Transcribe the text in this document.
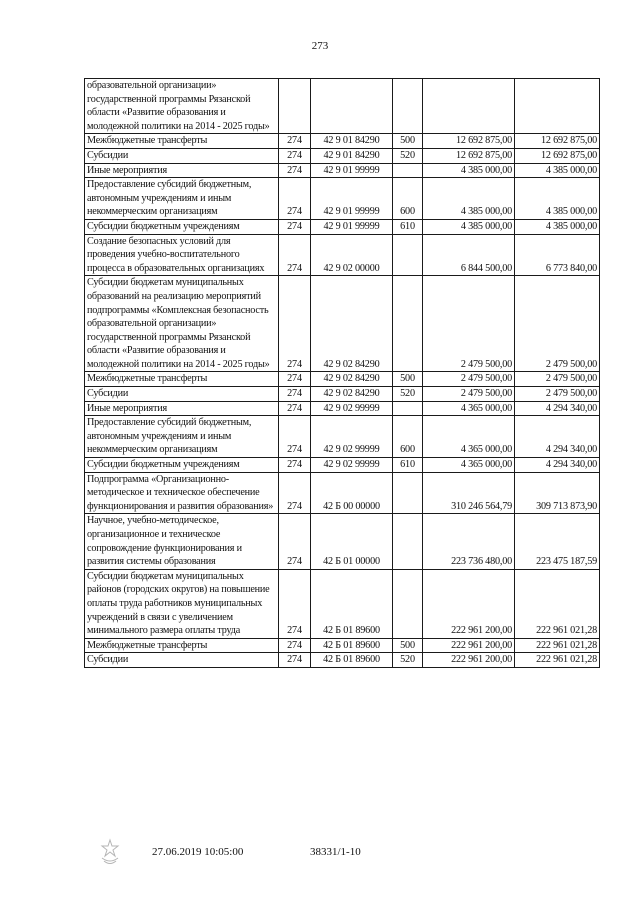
273
образовательной организации» государственной программы Рязанской области «Развитие образования и молодежной политики на 2014 - 2025 годы»					
Межбюджетные трансферты	274	42 9 01 84290	500	12 692 875,00	12 692 875,00
Субсидии	274	42 9 01 84290	520	12 692 875,00	12 692 875,00
Иные мероприятия	274	42 9 01 99999		4 385 000,00	4 385 000,00
Предоставление субсидий бюджетным, автономным учреждениям и иным некоммерческим организациям	274	42 9 01 99999	600	4 385 000,00	4 385 000,00
Субсидии бюджетным учреждениям	274	42 9 01 99999	610	4 385 000,00	4 385 000,00
Создание безопасных условий для проведения учебно-воспитательного процесса в образовательных организациях	274	42 9 02 00000		6 844 500,00	6 773 840,00
Субсидии бюджетам муниципальных образований на реализацию мероприятий подпрограммы «Комплексная безопасность образовательной организации» государственной программы Рязанской области «Развитие образования и молодежной политики на 2014 - 2025 годы»	274	42 9 02 84290		2 479 500,00	2 479 500,00
Межбюджетные трансферты	274	42 9 02 84290	500	2 479 500,00	2 479 500,00
Субсидии	274	42 9 02 84290	520	2 479 500,00	2 479 500,00
Иные мероприятия	274	42 9 02 99999		4 365 000,00	4 294 340,00
Предоставление субсидий бюджетным, автономным учреждениям и иным некоммерческим организациям	274	42 9 02 99999	600	4 365 000,00	4 294 340,00
Субсидии бюджетным учреждениям	274	42 9 02 99999	610	4 365 000,00	4 294 340,00
Подпрограмма «Организационно-методическое и техническое обеспечение функционирования и развития образования»	274	42 Б 00 00000		310 246 564,79	309 713 873,90
Научное, учебно-методическое, организационное и техническое сопровождение функционирования и развития системы образования	274	42 Б 01 00000		223 736 480,00	223 475 187,59
Субсидии бюджетам муниципальных районов (городских округов) на повышение оплаты труда работников муниципальных учреждений в связи с увеличением минимального размера оплаты труда	274	42 Б 01 89600		222 961 200,00	222 961 021,28
Межбюджетные трансферты	274	42 Б 01 89600	500	222 961 200,00	222 961 021,28
Субсидии	274	42 Б 01 89600	520	222 961 200,00	222 961 021,28
27.06.2019 10:05:00	38331/1-10
